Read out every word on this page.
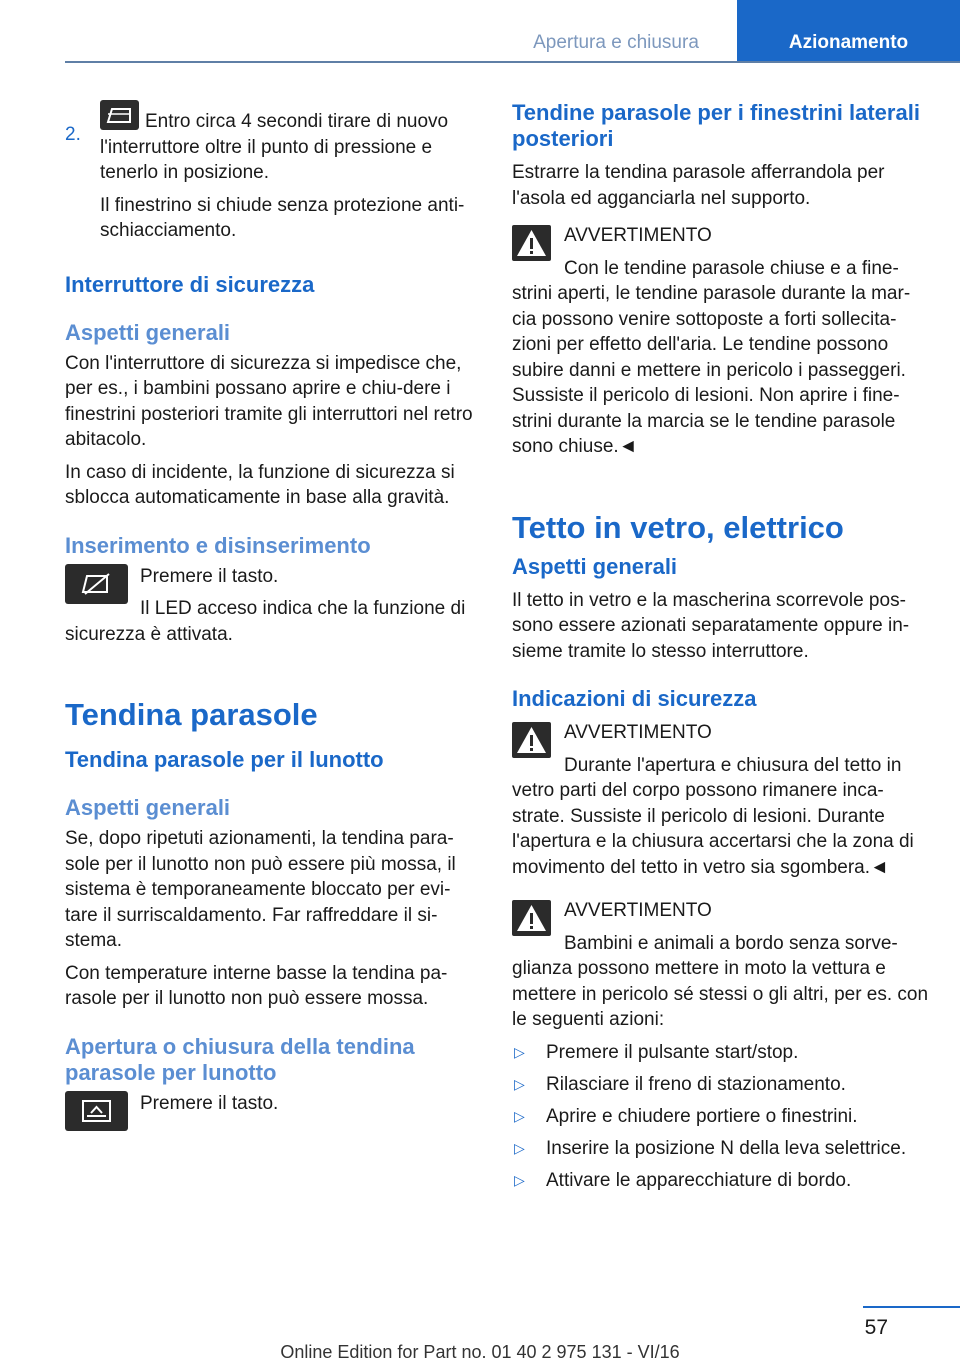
Apertura e chiusura	Azionamento
2.

Entro circa 4 secondi tirare di nuovo l'interruttore oltre il punto di pressione e tenerlo in posizione.

Il finestrino si chiude senza protezione anti-schiacciamento.

Interruttore di sicurezza
Aspetti generali

Con l'interruttore di sicurezza si impedisce che, per es., i bambini possano aprire e chiu-dere i finestrini posteriori tramite gli interruttori nel retro abitacolo.

In caso di incidente, la funzione di sicurezza si sblocca automaticamente in base alla gravità.

Inserimento e disinserimento

Premere il tasto.

Il LED acceso indica che la funzione di sicurezza è attivata.

Tendina parasole
Tendina parasole per il lunotto
Aspetti generali

Se, dopo ripetuti azionamenti, la tendina para-sole per il lunotto non può essere più mossa, il sistema è temporaneamente bloccato per evi-tare il surriscaldamento. Far raffreddare il si-stema.

Con temperature interne basse la tendina pa-rasole per il lunotto non può essere mossa.

Apertura o chiusura della tendina parasole per lunotto

Premere il tasto.

Tendine parasole per i finestrini laterali posteriori

Estrarre la tendina parasole afferrandola per l'asola ed agganciarla nel supporto.

AVVERTIMENTO

Con le tendine parasole chiuse e a fine-strini aperti, le tendine parasole durante la mar-cia possono venire sottoposte a forti sollecita-zioni per effetto dell'aria. Le tendine possono subire danni e mettere in pericolo i passeggeri. Sussiste il pericolo di lesioni. Non aprire i fine-strini durante la marcia se le tendine parasole sono chiuse.◄

Tetto in vetro, elettrico
Aspetti generali

Il tetto in vetro e la mascherina scorrevole pos-sono essere azionati separatamente oppure in-sieme tramite lo stesso interruttore.

Indicazioni di sicurezza

AVVERTIMENTO

Durante l'apertura e chiusura del tetto in vetro parti del corpo possono rimanere inca-strate. Sussiste il pericolo di lesioni. Durante l'apertura e la chiusura accertarsi che la zona di movimento del tetto in vetro sia sgombera.◄

AVVERTIMENTO

Bambini e animali a bordo senza sorve-glianza possono mettere in moto la vettura e mettere in pericolo sé stessi o gli altri, per es. con le seguenti azioni:

▷ Premere il pulsante start/stop.
▷ Rilasciare il freno di stazionamento.
▷ Aprire e chiudere portiere o finestrini.
▷ Inserire la posizione N della leva selettrice.
▷ Attivare le apparecchiature di bordo.
57
Online Edition for Part no. 01 40 2 975 131 - VI/16
